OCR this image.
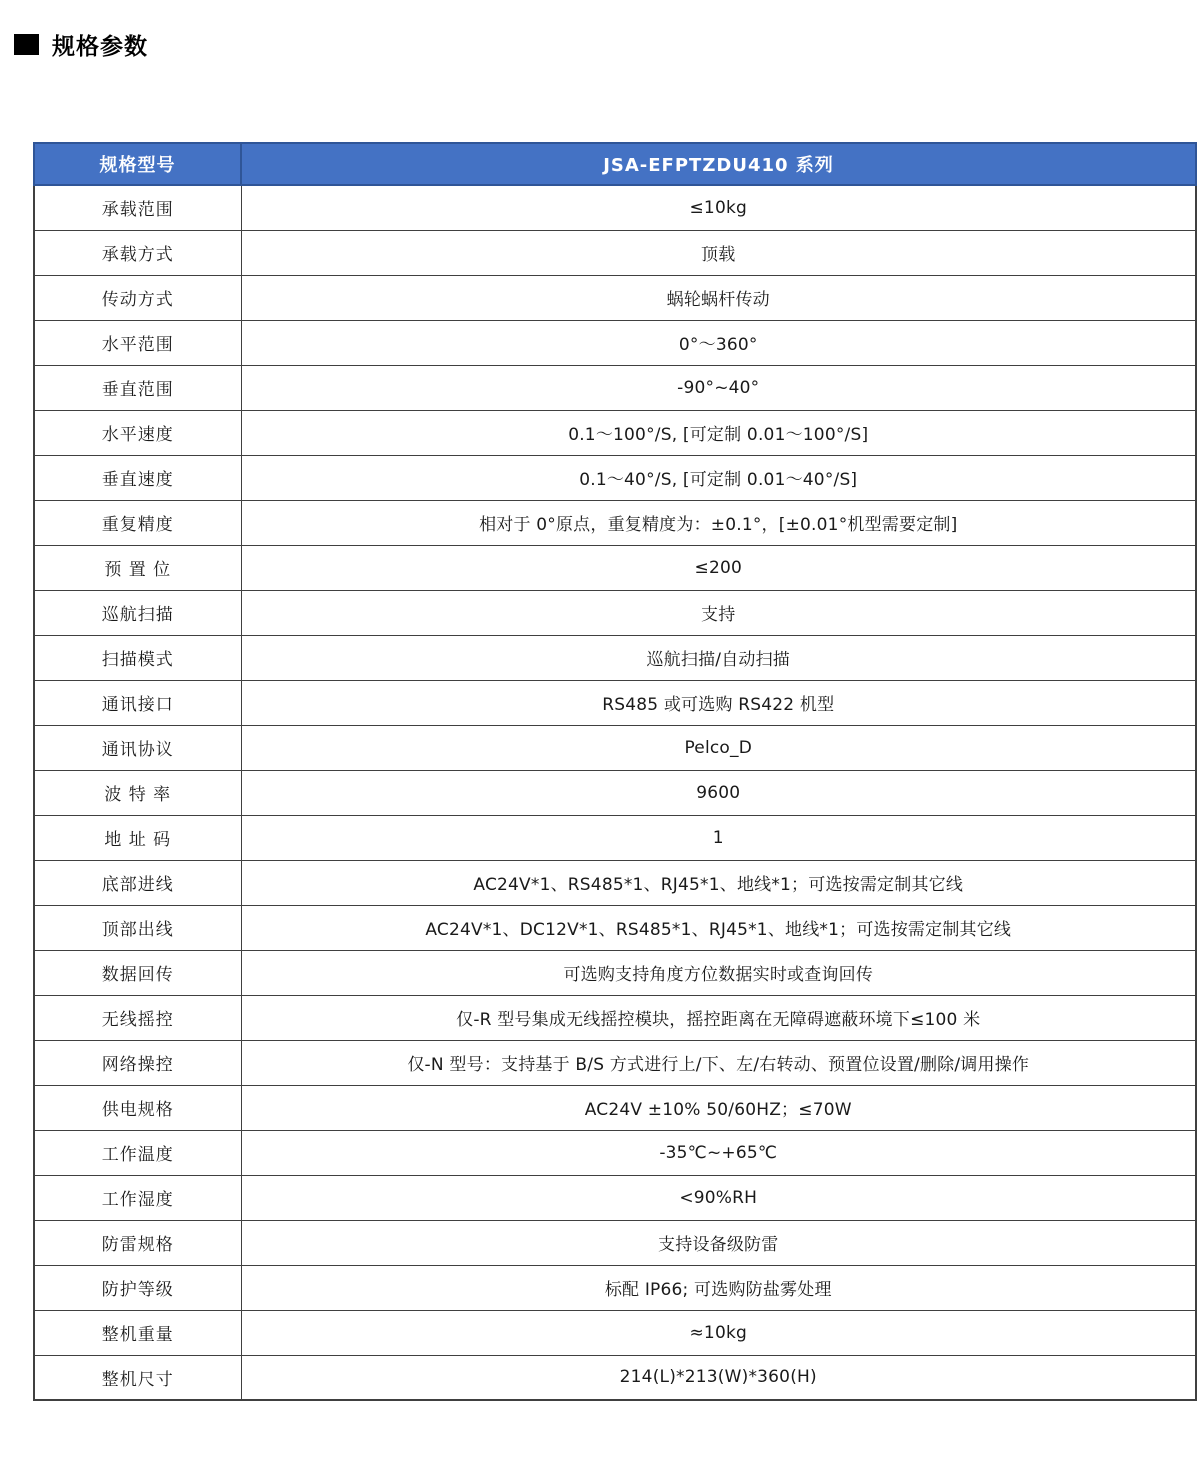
规格参数
规格型号	JSA-EFPTZDU410 系列
承载范围	≤10kg
承载方式	顶载
传动方式	蜗轮蜗杆传动
水平范围	0°～360°
垂直范围	-90°~40°
水平速度	0.1～100°/S, [可定制 0.01～100°/S]
垂直速度	0.1～40°/S, [可定制 0.01～40°/S]
重复精度	相对于 0°原点，重复精度为：±0.1°，[±0.01°机型需要定制]
预 置 位	≤200
巡航扫描	支持
扫描模式	巡航扫描/自动扫描
通讯接口	RS485 或可选购 RS422 机型
通讯协议	Pelco_D
波 特 率	9600
地 址 码	1
底部进线	AC24V*1、RS485*1、RJ45*1、地线*1；可选按需定制其它线
顶部出线	AC24V*1、DC12V*1、RS485*1、RJ45*1、地线*1；可选按需定制其它线
数据回传	可选购支持角度方位数据实时或查询回传
无线摇控	仅-R 型号集成无线摇控模块，摇控距离在无障碍遮蔽环境下≤100 米
网络操控	仅-N 型号：支持基于 B/S 方式进行上/下、左/右转动、预置位设置/删除/调用操作
供电规格	AC24V ±10% 50/60HZ；≤70W
工作温度	-35℃~+65℃
工作湿度	<90%RH
防雷规格	支持设备级防雷
防护等级	标配 IP66; 可选购防盐雾处理
整机重量	≈10kg
整机尺寸	214(L)*213(W)*360(H)
